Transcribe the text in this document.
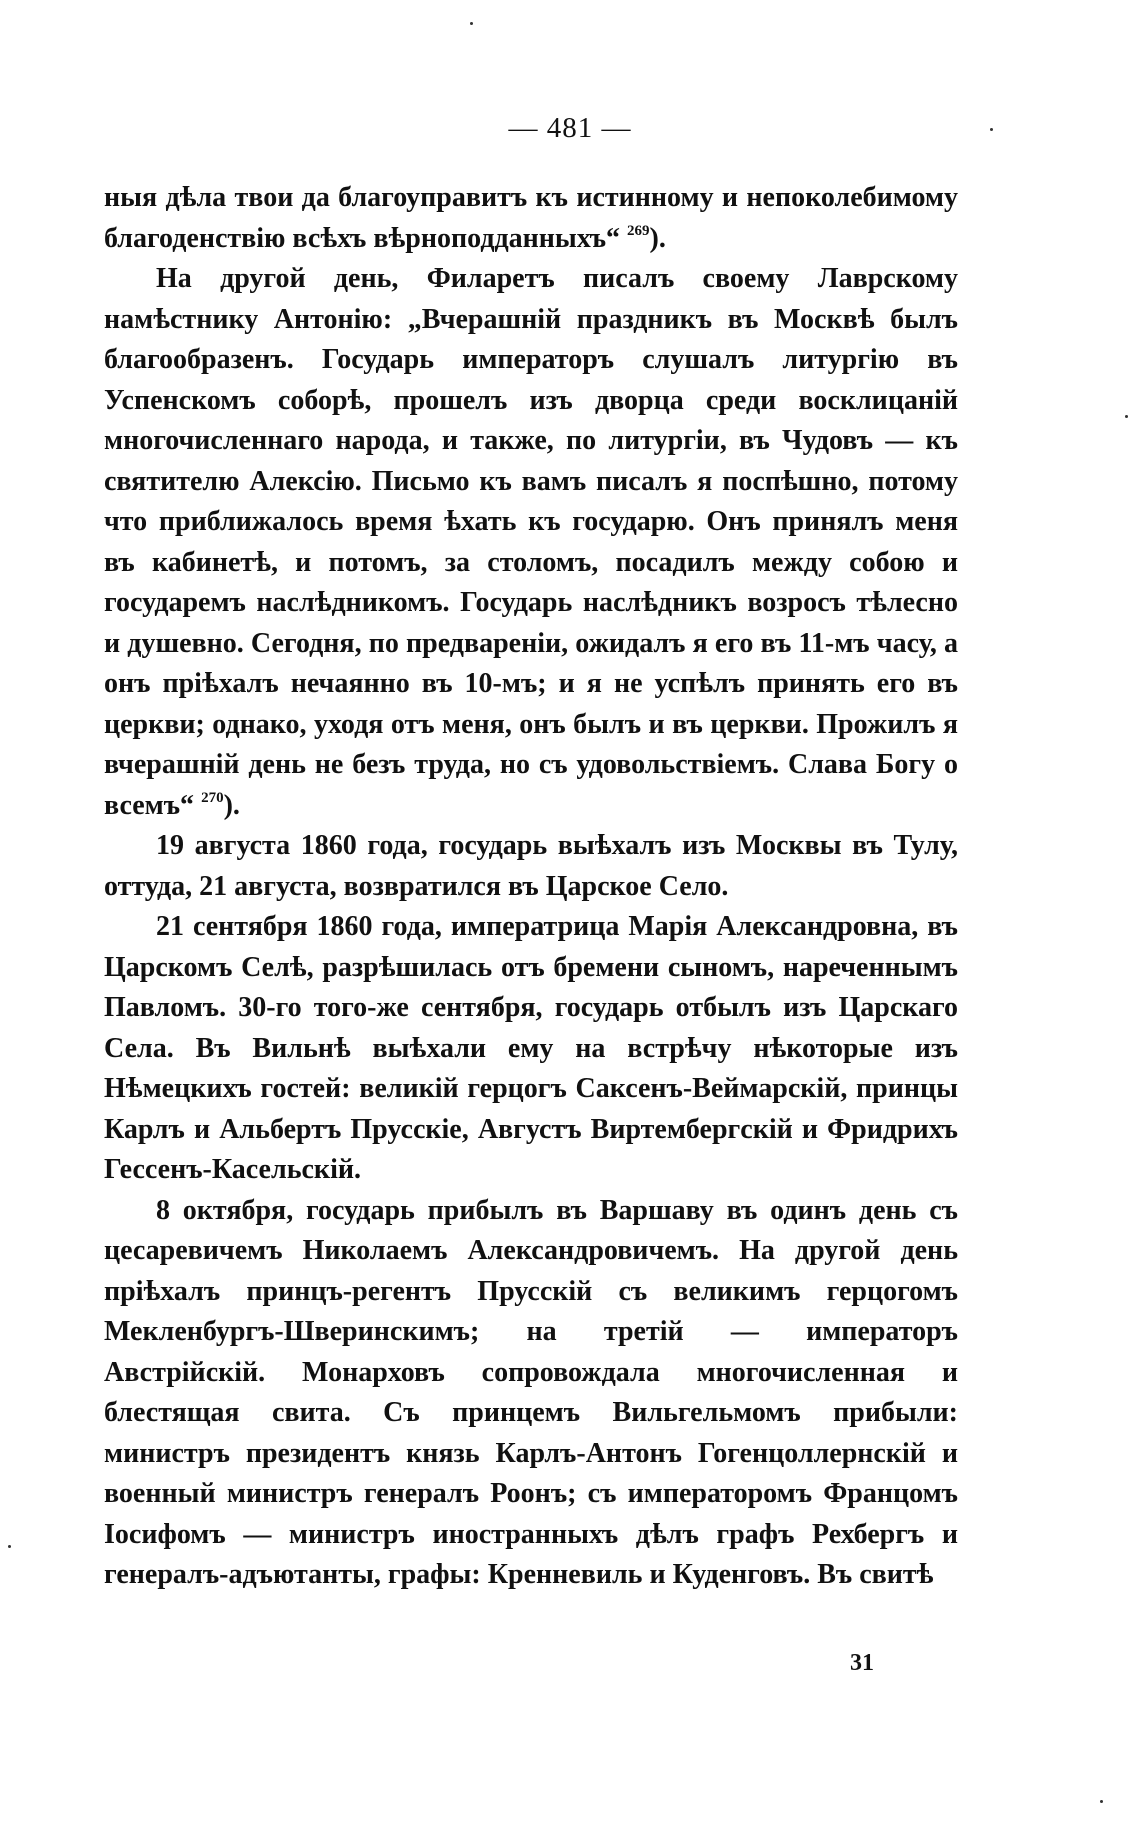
— 481 —

ныя дѣла твои да благоуправитъ къ истинному и непоколебимому благоденствію всѣхъ вѣрноподданныхъ“ $^{269}$).

На другой день, Филаретъ писалъ своему Лаврскому намѣстнику Антонію: „Вчерашній праздникъ въ Москвѣ былъ благообразенъ. Государь императоръ слушалъ литургію въ Успенскомъ соборѣ, прошелъ изъ дворца среди восклицаній многочисленнаго народа, и также, по литургіи, въ Чудовъ — къ святителю Алексію. Письмо къ вамъ писалъ я поспѣшно, потому что приближалось время ѣхать къ государю. Онъ принялъ меня въ кабинетѣ, и потомъ, за столомъ, посадилъ между собою и государемъ наслѣдникомъ. Государь наслѣдникъ возросъ тѣлесно и душевно. Сегодня, по предвареніи, ожидалъ я его въ 11-мъ часу, а онъ пріѣхалъ нечаянно въ 10-мъ; и я не успѣлъ принять его въ церкви; однако, уходя отъ меня, онъ былъ и въ церкви. Прожилъ я вчерашній день не безъ труда, но съ удовольствіемъ. Слава Богу о всемъ“ $^{270}$).

19 августа 1860 года, государь выѣхалъ изъ Москвы въ Тулу, оттуда, 21 августа, возвратился въ Царское Село.

21 сентября 1860 года, императрица Марія Александровна, въ Царскомъ Селѣ, разрѣшилась отъ бремени сыномъ, нареченнымъ Павломъ. 30-го того-же сентября, государь отбылъ изъ Царскаго Села. Въ Вильнѣ выѣхали ему на встрѣчу нѣкоторые изъ Нѣмецкихъ гостей: великій герцогъ Саксенъ-Веймарскій, принцы Карлъ и Альбертъ Прусскіе, Августъ Виртембергскій и Фридрихъ Гессенъ-Касельскій.

8 октября, государь прибылъ въ Варшаву въ одинъ день съ цесаревичемъ Николаемъ Александровичемъ. На другой день пріѣхалъ принцъ-регентъ Прусскій съ великимъ герцогомъ Мекленбургъ-Шверинскимъ; на третій — императоръ Австрійскій. Монарховъ сопровождала многочисленная и блестящая свита. Съ принцемъ Вильгельмомъ прибыли: министръ президентъ князь Карлъ-Антонъ Гогенцоллернскій и военный министръ генералъ Роонъ; съ императоромъ Францомъ Іосифомъ — министръ иностранныхъ дѣлъ графъ Рехбергъ и генералъ-адъютанты, графы: Кренневиль и Куденговъ. Въ свитѣ

31
